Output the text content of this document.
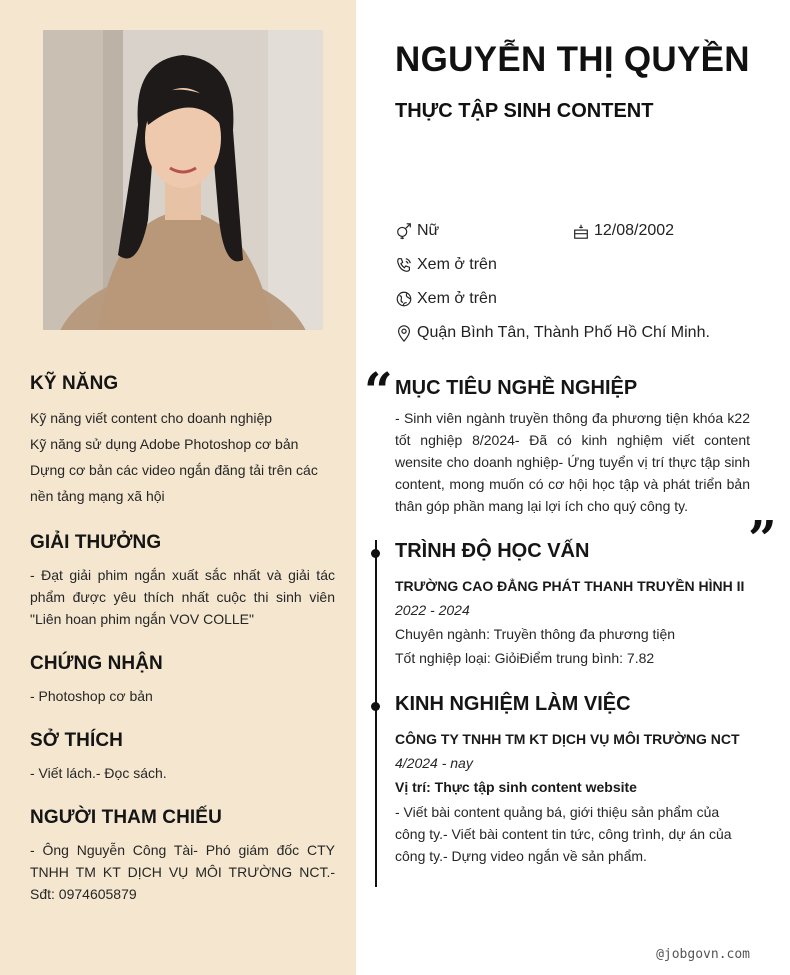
KỸ NĂNG
Kỹ năng viết content cho doanh nghiệp
Kỹ năng sử dụng Adobe Photoshop cơ bản
Dựng cơ bản các video ngắn đăng tải trên các
nền tảng mạng xã hội
GIẢI THƯỞNG
- Đạt giải phim ngắn xuất sắc nhất và giải tác phẩm được yêu thích nhất cuộc thi sinh viên "Liên hoan phim ngắn VOV COLLE"
CHỨNG NHẬN
- Photoshop cơ bản
SỞ THÍCH
- Viết lách.- Đọc sách.
NGƯỜI THAM CHIẾU
- Ông Nguyễn Công Tài- Phó giám đốc CTY TNHH TM KT DỊCH VỤ MÔI TRƯỜNG NCT.- Sđt: 0974605879
NGUYỄN THỊ QUYỀN
THỰC TẬP SINH CONTENT
Nữ	12/08/2002
Xem ở trên
Xem ở trên
Quận Bình Tân, Thành Phố Hồ Chí Minh.
“ MỤC TIÊU NGHỀ NGHIỆP
- Sinh viên ngành truyền thông đa phương tiện khóa k22 tốt nghiệp 8/2024- Đã có kinh nghiệm viết content wensite cho doanh nghiệp- Ứng tuyển vị trí thực tập sinh content, mong muốn có cơ hội học tập và phát triển bản thân góp phần mang lại lợi ích cho quý công ty.
”
TRÌNH ĐỘ HỌC VẤN
TRƯỜNG CAO ĐẲNG PHÁT THANH TRUYỀN HÌNH II
2022 - 2024
Chuyên ngành: Truyền thông đa phương tiện
Tốt nghiệp loại: GiỏiĐiểm trung bình: 7.82
KINH NGHIỆM LÀM VIỆC
CÔNG TY TNHH TM KT DỊCH VỤ MÔI TRƯỜNG NCT
4/2024 - nay
Vị trí: Thực tập sinh content website
- Viết bài content quảng bá, giới thiệu sản phẩm của công ty.- Viết bài content tin tức, công trình, dự án của công ty.- Dựng video ngắn về sản phẩm.
@jobgovn.com
